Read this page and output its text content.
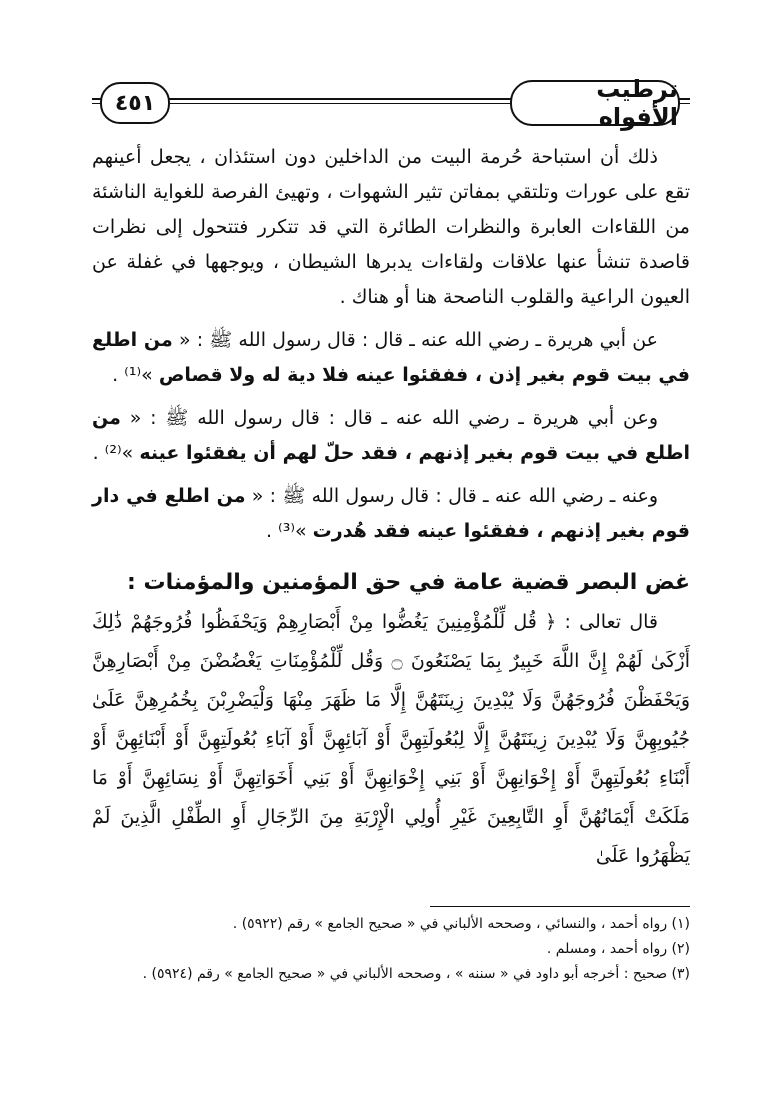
ترطيب الأفواه
٤٥١

ذلك أن استباحة حُرمة البيت من الداخلين دون استئذان ، يجعل أعينهم تقع على عورات وتلتقي بمفاتن تثير الشهوات ، وتهيئ الفرصة للغواية الناشئة من اللقاءات العابرة والنظرات الطائرة التي قد تتكرر فتتحول إلى نظرات قاصدة تنشأ عنها علاقات ولقاءات يدبرها الشيطان ، ويوجهها في غفلة عن العيون الراعية والقلوب الناصحة هنا أو هناك .

عن أبي هريرة ـ رضي الله عنه ـ قال : قال رسول الله ﷺ : « من اطلع في بيت قوم بغير إذن ، ففقئوا عينه فلا دية له ولا قصاص »⁽¹⁾ .

وعن أبي هريرة ـ رضي الله عنه ـ قال : قال رسول الله ﷺ : « من اطلع في بيت قوم بغير إذنهم ، فقد حلّ لهم أن يفقئوا عينه »⁽²⁾ .

وعنه ـ رضي الله عنه ـ قال : قال رسول الله ﷺ : « من اطلع في دار قوم بغير إذنهم ، ففقئوا عينه فقد هُدرت »⁽³⁾ .

غض البصر قضية عامة في حق المؤمنين والمؤمنات :

قال تعالى : ﴿ قُل لِّلْمُؤْمِنِينَ يَغُضُّوا مِنْ أَبْصَارِهِمْ وَيَحْفَظُوا فُرُوجَهُمْ ذَٰلِكَ أَزْكَىٰ لَهُمْ إِنَّ اللَّهَ خَبِيرٌ بِمَا يَصْنَعُونَ ۝ وَقُل لِّلْمُؤْمِنَاتِ يَغْضُضْنَ مِنْ أَبْصَارِهِنَّ وَيَحْفَظْنَ فُرُوجَهُنَّ وَلَا يُبْدِينَ زِينَتَهُنَّ إِلَّا مَا ظَهَرَ مِنْهَا وَلْيَضْرِبْنَ بِخُمُرِهِنَّ عَلَىٰ جُيُوبِهِنَّ وَلَا يُبْدِينَ زِينَتَهُنَّ إِلَّا لِبُعُولَتِهِنَّ أَوْ آبَائِهِنَّ أَوْ آبَاءِ بُعُولَتِهِنَّ أَوْ أَبْنَائِهِنَّ أَوْ أَبْنَاءِ بُعُولَتِهِنَّ أَوْ إِخْوَانِهِنَّ أَوْ بَنِي إِخْوَانِهِنَّ أَوْ بَنِي أَخَوَاتِهِنَّ أَوْ نِسَائِهِنَّ أَوْ مَا مَلَكَتْ أَيْمَانُهُنَّ أَوِ التَّابِعِينَ غَيْرِ أُولِي الْإِرْبَةِ مِنَ الرِّجَالِ أَوِ الطِّفْلِ الَّذِينَ لَمْ يَظْهَرُوا عَلَىٰ

(١) رواه أحمد ، والنسائي ، وصححه الألباني في « صحيح الجامع » رقم (٥٩٢٢) .

(٢) رواه أحمد ، ومسلم .

(٣) صحيح : أخرجه أبو داود في « سننه » ، وصححه الألباني في « صحيح الجامع » رقم (٥٩٢٤) .
